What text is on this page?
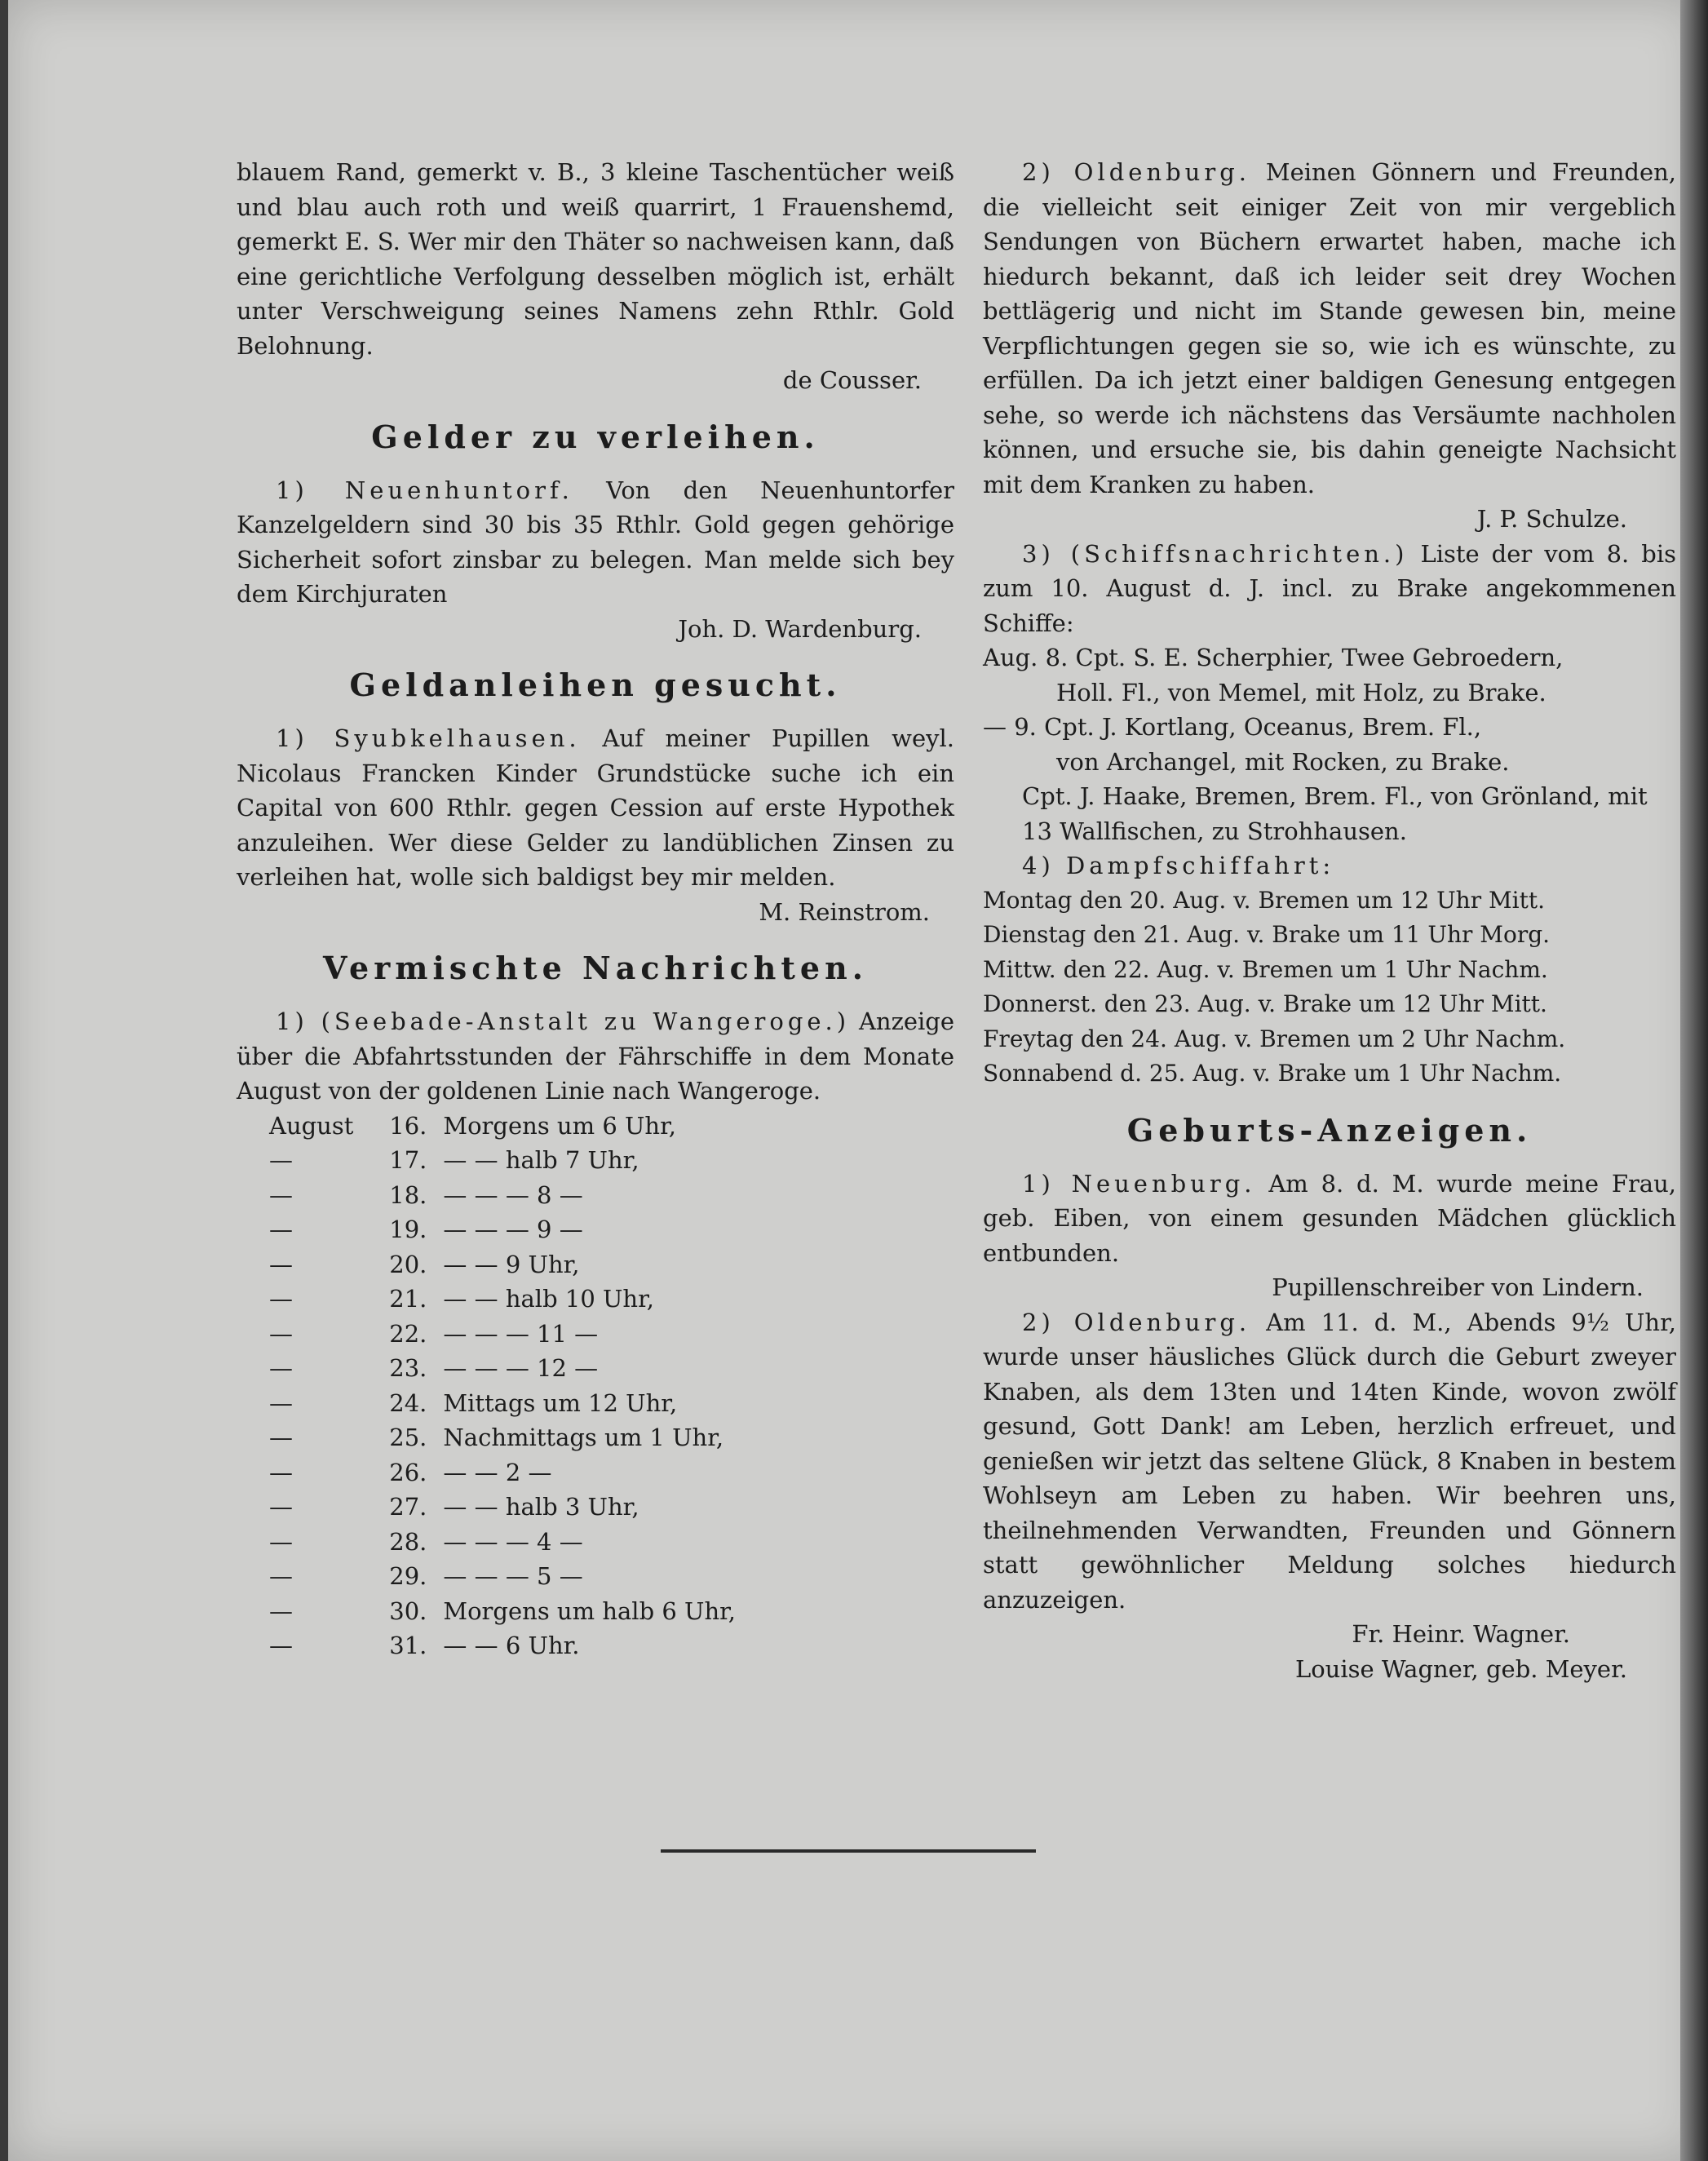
blauem Rand, gemerkt v. B., 3 kleine Taschentücher weiß und blau auch roth und weiß quarrirt, 1 Frauenshemd, gemerkt E. S. Wer mir den Thäter so nachweisen kann, daß eine gerichtliche Verfolgung desselben möglich ist, erhält unter Verschweigung seines Namens zehn Rthlr. Gold Belohnung.

de Cousser.

Gelder zu verleihen.

1) Neuenhuntorf. Von den Neuenhuntorfer Kanzelgeldern sind 30 bis 35 Rthlr. Gold gegen gehörige Sicherheit sofort zinsbar zu belegen. Man melde sich bey dem Kirchjuraten

Joh. D. Wardenburg.

Geldanleihen gesucht.

1) Syubkelhausen. Auf meiner Pupillen weyl. Nicolaus Francken Kinder Grundstücke suche ich ein Capital von 600 Rthlr. gegen Cession auf erste Hypothek anzuleihen. Wer diese Gelder zu landüblichen Zinsen zu verleihen hat, wolle sich baldigst bey mir melden.

M. Reinstrom.

Vermischte Nachrichten.

1) (Seebade-Anstalt zu Wangeroge.) Anzeige über die Abfahrtsstunden der Fährschiffe in dem Monate August von der goldenen Linie nach Wangeroge.

August	16.	Morgens um 6 Uhr,
—	17.	— — halb 7 Uhr,
—	18.	— — — 8 —
—	19.	— — — 9 —
—	20.	— — 9 Uhr,
—	21.	— — halb 10 Uhr,
—	22.	— — — 11 —
—	23.	— — — 12 —
—	24.	Mittags um 12 Uhr,
—	25.	Nachmittags um 1 Uhr,
—	26.	— — 2 —
—	27.	— — halb 3 Uhr,
—	28.	— — — 4 —
—	29.	— — — 5 —
—	30.	Morgens um halb 6 Uhr,
—	31.	— — 6 Uhr.

2) Oldenburg. Meinen Gönnern und Freunden, die vielleicht seit einiger Zeit von mir vergeblich Sendungen von Büchern erwartet haben, mache ich hiedurch bekannt, daß ich leider seit drey Wochen bettlägerig und nicht im Stande gewesen bin, meine Verpflichtungen gegen sie so, wie ich es wünschte, zu erfüllen. Da ich jetzt einer baldigen Genesung entgegen sehe, so werde ich nächstens das Versäumte nachholen können, und ersuche sie, bis dahin geneigte Nachsicht mit dem Kranken zu haben.

J. P. Schulze.

3) (Schiffsnachrichten.) Liste der vom 8. bis zum 10. August d. J. incl. zu Brake angekommenen Schiffe:

Aug. 8. Cpt. S. E. Scherphier, Twee Gebroedern,

Holl. Fl., von Memel, mit Holz, zu Brake.

— 9. Cpt. J. Kortlang, Oceanus, Brem. Fl.,

von Archangel, mit Rocken, zu Brake.

Cpt. J. Haake, Bremen, Brem. Fl., von Grönland, mit 13 Wallfischen, zu Strohhausen.

4) Dampfschiffahrt:

Montag den 20. Aug. v. Bremen um 12 Uhr Mitt.

Dienstag den 21. Aug. v. Brake um 11 Uhr Morg.

Mittw. den 22. Aug. v. Bremen um 1 Uhr Nachm.

Donnerst. den 23. Aug. v. Brake um 12 Uhr Mitt.

Freytag den 24. Aug. v. Bremen um 2 Uhr Nachm.

Sonnabend d. 25. Aug. v. Brake um 1 Uhr Nachm.

Geburts-Anzeigen.

1) Neuenburg. Am 8. d. M. wurde meine Frau, geb. Eiben, von einem gesunden Mädchen glücklich entbunden.

Pupillenschreiber von Lindern.

2) Oldenburg. Am 11. d. M., Abends 9½ Uhr, wurde unser häusliches Glück durch die Geburt zweyer Knaben, als dem 13ten und 14ten Kinde, wovon zwölf gesund, Gott Dank! am Leben, herzlich erfreuet, und genießen wir jetzt das seltene Glück, 8 Knaben in bestem Wohlseyn am Leben zu haben. Wir beehren uns, theilnehmenden Verwandten, Freunden und Gönnern statt gewöhnlicher Meldung solches hiedurch anzuzeigen.

Fr. Heinr. Wagner.

Louise Wagner, geb. Meyer.
